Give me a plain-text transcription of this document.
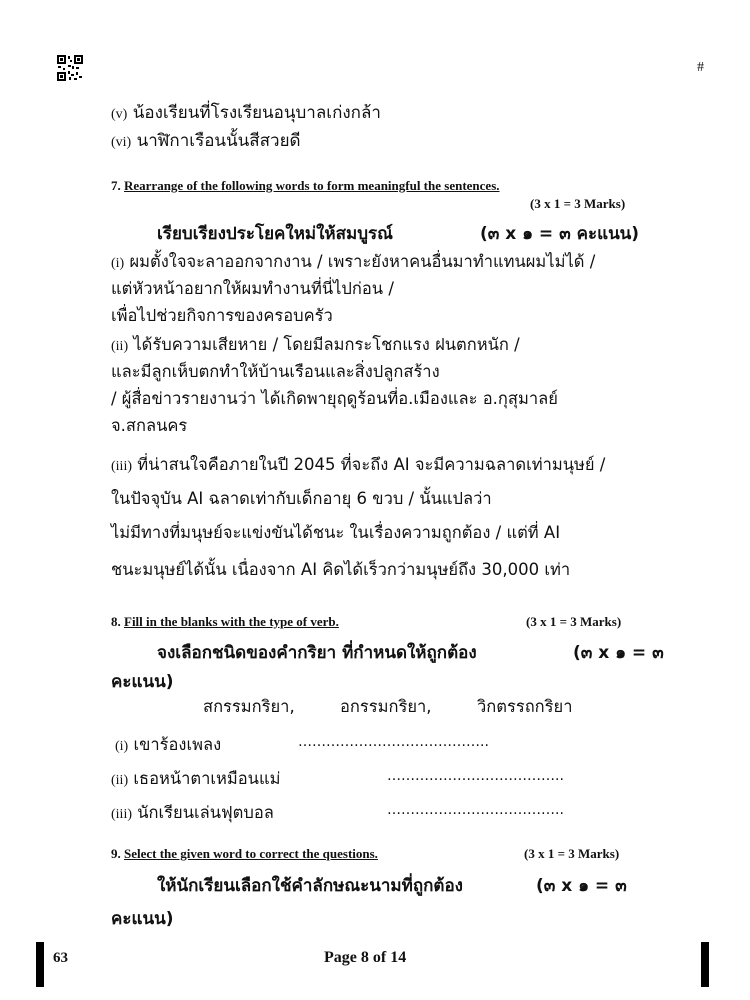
#
(v) น้องเรียนที่โรงเรียนอนุบาลเก่งกล้า
(vi) นาฬิกาเรือนนั้นสีสวยดี
7. Rearrange of the following words to form meaningful the sentences.
(3 x 1 = 3 Marks)
เรียบเรียงประโยคใหม่ให้สมบูรณ์	(๓ x ๑ = ๓ คะแนน)
(i) ผมตั้งใจจะลาออกจากงาน / เพราะยังหาคนอื่นมาทำแทนผมไม่ได้ /
แต่หัวหน้าอยากให้ผมทำงานที่นี่ไปก่อน /
เพื่อไปช่วยกิจการของครอบครัว
(ii) ได้รับความเสียหาย / โดยมีลมกระโชกแรง ฝนตกหนัก /
และมีลูกเห็บตกทำให้บ้านเรือนและสิ่งปลูกสร้าง
/ ผู้สื่อข่าวรายงานว่า ได้เกิดพายุฤดูร้อนที่อ.เมืองและ อ.กุสุมาลย์
จ.สกลนคร
(iii) ที่น่าสนใจคือภายในปี 2045 ที่จะถึง AI จะมีความฉลาดเท่ามนุษย์ /
ในปัจจุบัน AI ฉลาดเท่ากับเด็กอายุ 6 ขวบ / นั้นแปลว่า
ไม่มีทางที่มนุษย์จะแข่งขันได้ชนะ ในเรื่องความถูกต้อง / แต่ที่ AI
ชนะมนุษย์ได้นั้น เนื่องจาก AI คิดได้เร็วกว่ามนุษย์ถึง 30,000 เท่า
8. Fill in the blanks with the type of verb.	(3 x 1 = 3 Marks)
จงเลือกชนิดของคำกริยา ที่กำหนดให้ถูกต้อง	(๓ x ๑ = ๓
คะแนน)
สกรรมกริยา,	อกรรมกริยา,	วิกตรรถกริยา
(i) เขาร้องเพลง	…………………………………..
(ii) เธอหน้าตาเหมือนแม่	………………………………..
(iii) นักเรียนเล่นฟุตบอล	………………………………..
9. Select the given word to correct the questions.	(3 x 1 = 3 Marks)
ให้นักเรียนเลือกใช้คำลักษณะนามที่ถูกต้อง	(๓ x ๑ = ๓
คะแนน)
63	Page 8 of 14
